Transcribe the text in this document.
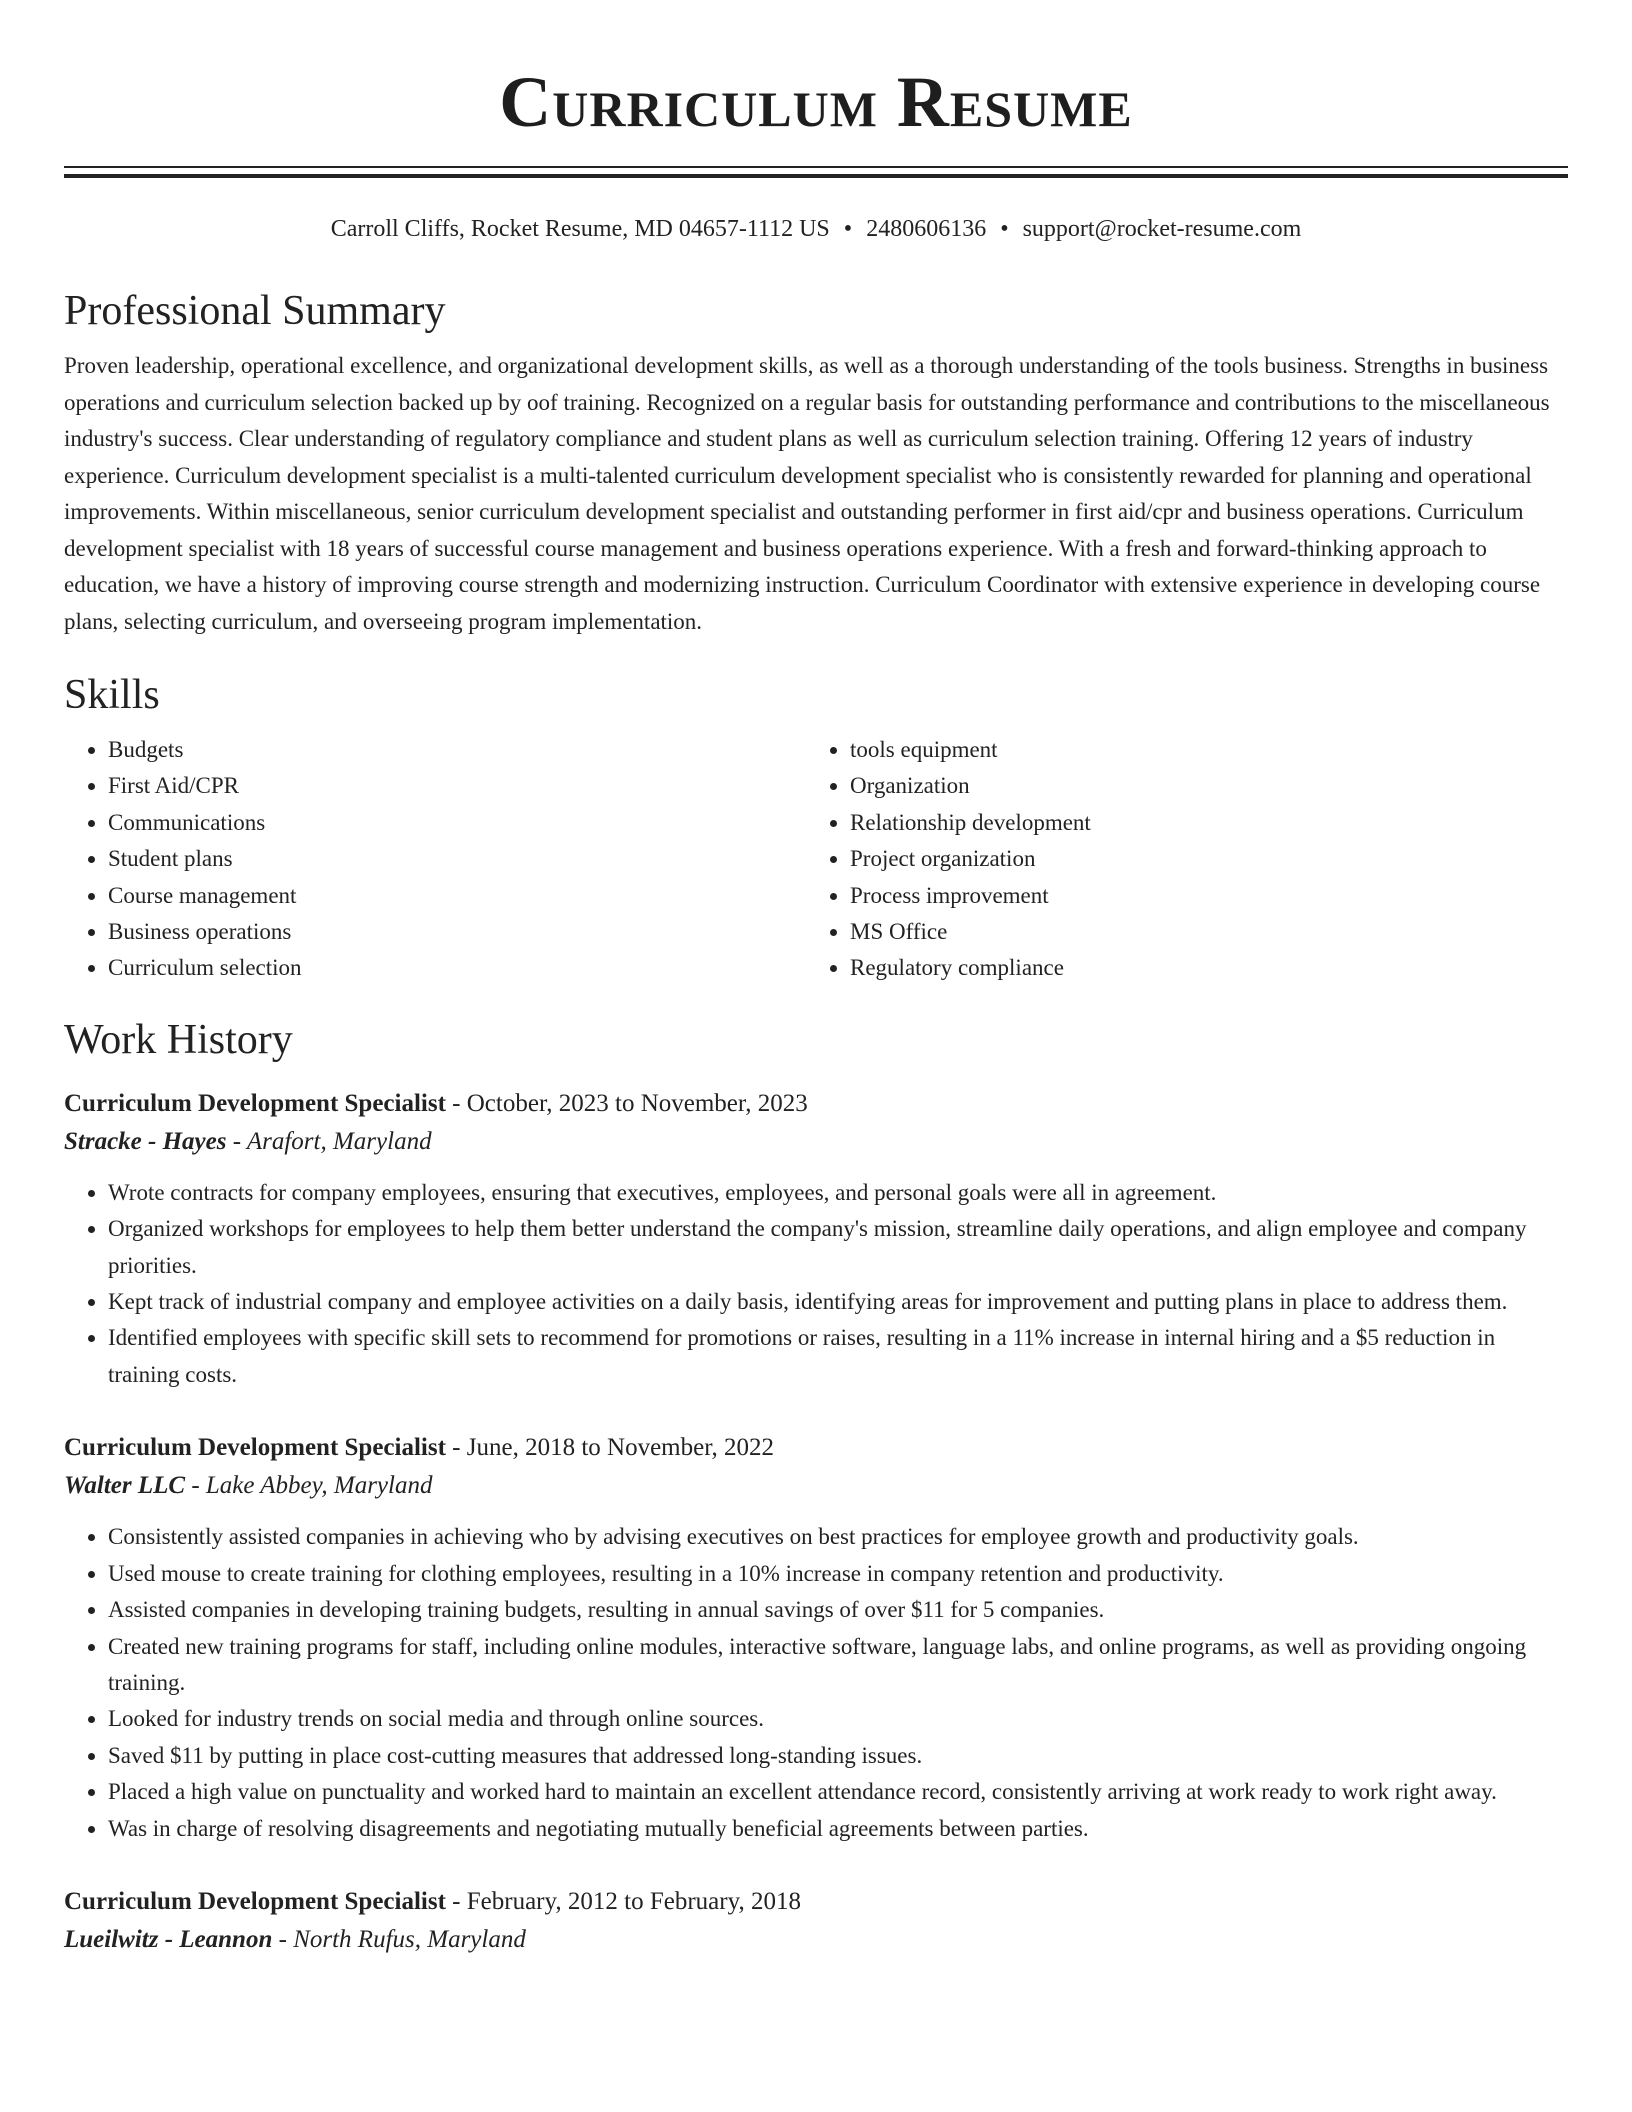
Curriculum Resume
Carroll Cliffs, Rocket Resume, MD 04657-1112 US • 2480606136 • support@rocket-resume.com
Professional Summary

Proven leadership, operational excellence, and organizational development skills, as well as a thorough understanding of the tools business. Strengths in business operations and curriculum selection backed up by oof training. Recognized on a regular basis for outstanding performance and contributions to the miscellaneous industry's success. Clear understanding of regulatory compliance and student plans as well as curriculum selection training. Offering 12 years of industry experience. Curriculum development specialist is a multi-talented curriculum development specialist who is consistently rewarded for planning and operational improvements. Within miscellaneous, senior curriculum development specialist and outstanding performer in first aid/cpr and business operations. Curriculum development specialist with 18 years of successful course management and business operations experience. With a fresh and forward-thinking approach to education, we have a history of improving course strength and modernizing instruction. Curriculum Coordinator with extensive experience in developing course plans, selecting curriculum, and overseeing program implementation.

Skills
• Budgets
• First Aid/CPR
• Communications
• Student plans
• Course management
• Business operations
• Curriculum selection
• tools equipment
• Organization
• Relationship development
• Project organization
• Process improvement
• MS Office
• Regulatory compliance
Work History
Curriculum Development Specialist - October, 2023 to November, 2023
Stracke - Hayes - Arafort, Maryland
• Wrote contracts for company employees, ensuring that executives, employees, and personal goals were all in agreement.
• Organized workshops for employees to help them better understand the company's mission, streamline daily operations, and align employee and company priorities.
• Kept track of industrial company and employee activities on a daily basis, identifying areas for improvement and putting plans in place to address them.
• Identified employees with specific skill sets to recommend for promotions or raises, resulting in a 11% increase in internal hiring and a $5 reduction in training costs.
Curriculum Development Specialist - June, 2018 to November, 2022
Walter LLC - Lake Abbey, Maryland
• Consistently assisted companies in achieving who by advising executives on best practices for employee growth and productivity goals.
• Used mouse to create training for clothing employees, resulting in a 10% increase in company retention and productivity.
• Assisted companies in developing training budgets, resulting in annual savings of over $11 for 5 companies.
• Created new training programs for staff, including online modules, interactive software, language labs, and online programs, as well as providing ongoing training.
• Looked for industry trends on social media and through online sources.
• Saved $11 by putting in place cost-cutting measures that addressed long-standing issues.
• Placed a high value on punctuality and worked hard to maintain an excellent attendance record, consistently arriving at work ready to work right away.
• Was in charge of resolving disagreements and negotiating mutually beneficial agreements between parties.
Curriculum Development Specialist - February, 2012 to February, 2018
Lueilwitz - Leannon - North Rufus, Maryland
